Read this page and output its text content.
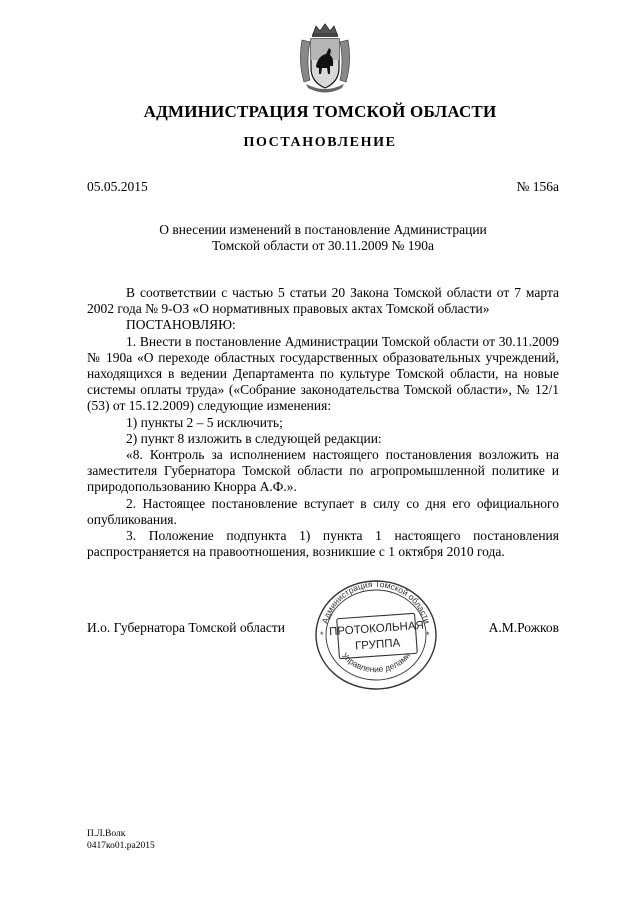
АДМИНИСТРАЦИЯ ТОМСКОЙ ОБЛАСТИ
ПОСТАНОВЛЕНИЕ
05.05.2015	№ 156а
О внесении изменений в постановление Администрации
Томской области от 30.11.2009 № 190а

В соответствии с частью 5 статьи 20 Закона Томской области от 7 марта 2002 года № 9-ОЗ «О нормативных правовых актах Томской области»

ПОСТАНОВЛЯЮ:

1. Внести в постановление Администрации Томской области от 30.11.2009 № 190а «О переходе областных государственных образовательных учреждений, находящихся в ведении Департамента по культуре Томской области, на новые системы оплаты труда» («Собрание законодательства Томской области», № 12/1 (53) от 15.12.2009) следующие изменения:

1) пункты 2 – 5 исключить;

2) пункт 8 изложить в следующей редакции:

«8. Контроль за исполнением настоящего постановления возложить на заместителя Губернатора Томской области по агропромышленной политике и природопользованию Кнорра А.Ф.».

2. Настоящее постановление вступает в силу со дня его официального опубликования.

3. Положение подпункта 1) пункта 1 настоящего постановления распространяется на правоотношения, возникшие с 1 октября 2010 года.

И.о. Губернатора Томской области	А.М.Рожков
Администрация Томской области
Управление делами
*	*
ПРОТОКОЛЬНАЯ
ГРУППА
П.Л.Волк
0417ко01.ра2015
